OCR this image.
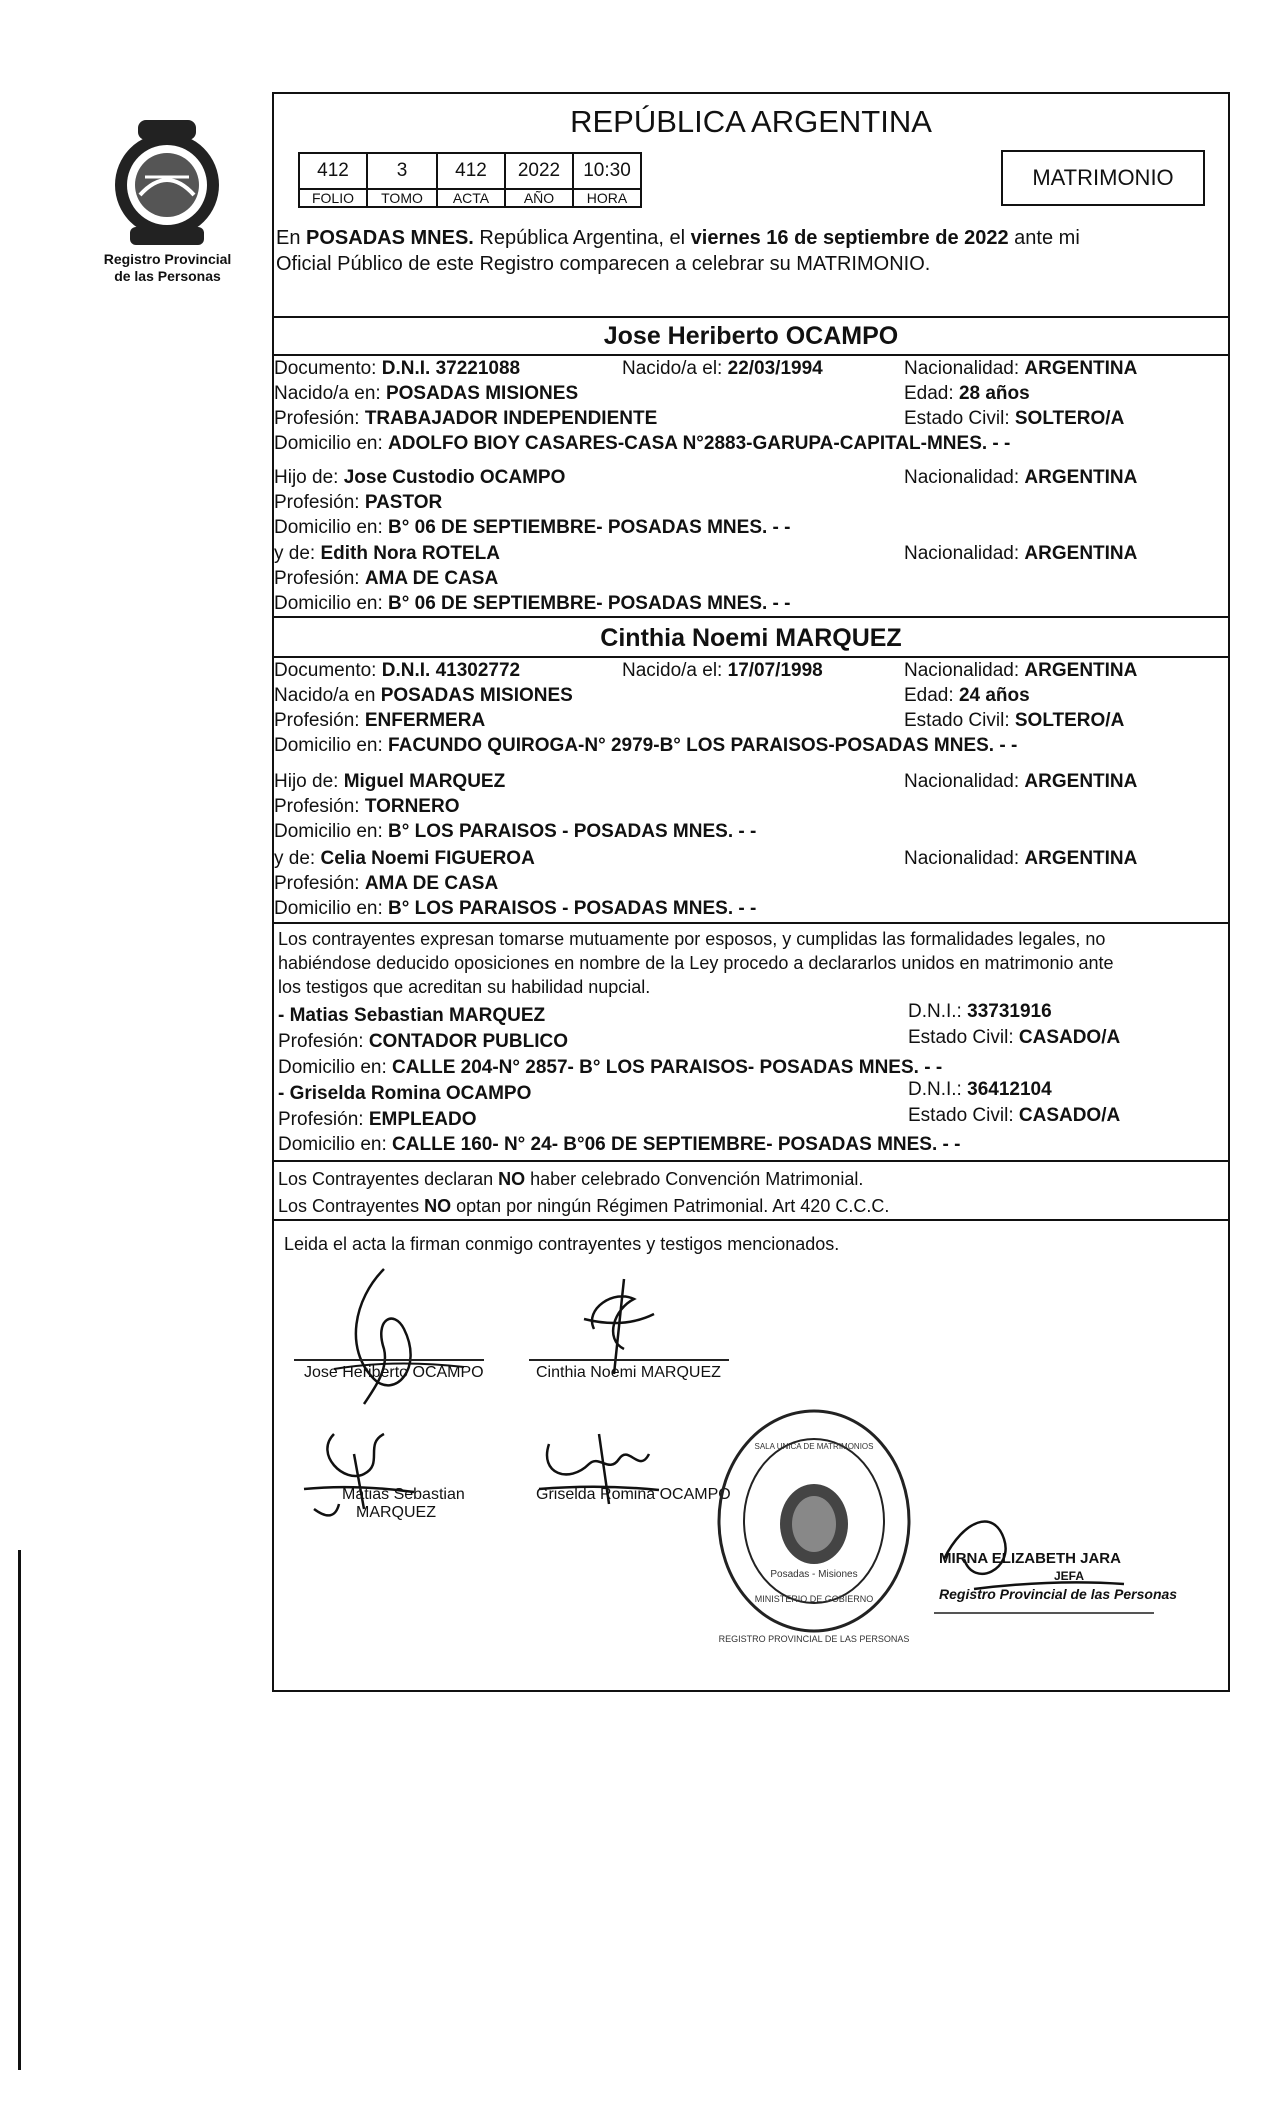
Registro Provincial
de las Personas
REPÚBLICA ARGENTINA
412	3	412	2022	10:30
FOLIO	TOMO	ACTA	AÑO	HORA
MATRIMONIO
En POSADAS MNES. República Argentina, el viernes 16 de septiembre de 2022 ante mi
Oficial Público de este Registro comparecen a celebrar su MATRIMONIO.
Jose Heriberto OCAMPO
Documento: D.N.I. 37221088	Nacido/a el: 22/03/1994	Nacionalidad: ARGENTINA
Nacido/a en: POSADAS MISIONES	Edad: 28 años
Profesión: TRABAJADOR INDEPENDIENTE	Estado Civil: SOLTERO/A
Domicilio en: ADOLFO BIOY CASARES-CASA N°2883-GARUPA-CAPITAL-MNES. - -
Hijo de: Jose Custodio OCAMPO	Nacionalidad: ARGENTINA
Profesión: PASTOR
Domicilio en: B° 06 DE SEPTIEMBRE- POSADAS MNES. - -
y de: Edith Nora ROTELA	Nacionalidad: ARGENTINA
Profesión: AMA DE CASA
Domicilio en: B° 06 DE SEPTIEMBRE- POSADAS MNES. - -
Cinthia Noemi MARQUEZ
Documento: D.N.I. 41302772	Nacido/a el: 17/07/1998	Nacionalidad: ARGENTINA
Nacido/a en POSADAS MISIONES	Edad: 24 años
Profesión: ENFERMERA	Estado Civil: SOLTERO/A
Domicilio en: FACUNDO QUIROGA-N° 2979-B° LOS PARAISOS-POSADAS MNES. - -
Hijo de: Miguel MARQUEZ	Nacionalidad: ARGENTINA
Profesión: TORNERO
Domicilio en: B° LOS PARAISOS - POSADAS MNES. - -
y de: Celia Noemi FIGUEROA	Nacionalidad: ARGENTINA
Profesión: AMA DE CASA
Domicilio en: B° LOS PARAISOS - POSADAS MNES. - -
Los contrayentes expresan tomarse mutuamente por esposos, y cumplidas las formalidades legales, no
habiéndose deducido oposiciones en nombre de la Ley procedo a declararlos unidos en matrimonio ante
los testigos que acreditan su habilidad nupcial.
- Matias Sebastian MARQUEZ	D.N.I.: 33731916
Profesión: CONTADOR PUBLICO	Estado Civil: CASADO/A
Domicilio en: CALLE 204-N° 2857- B° LOS PARAISOS- POSADAS MNES. - -
- Griselda Romina OCAMPO	D.N.I.: 36412104
Profesión: EMPLEADO	Estado Civil: CASADO/A
Domicilio en: CALLE 160- N° 24- B°06 DE SEPTIEMBRE- POSADAS MNES. - -
Los Contrayentes declaran NO haber celebrado Convención Matrimonial.
Los Contrayentes NO optan por ningún Régimen Patrimonial. Art 420 C.C.C.
Leida el acta la firman conmigo contrayentes y testigos mencionados.
Jose Heriberto OCAMPO	Cinthia Noemi MARQUEZ
Matias Sebastian
MARQUEZ
Griselda Romina OCAMPO
REGISTRO PROVINCIAL DE LAS PERSONAS
SALA UNICA DE MATRIMONIOS
Posadas - Misiones
MINISTERIO DE GOBIERNO
MIRNA ELIZABETH JARA
JEFA
Registro Provincial de las Personas
